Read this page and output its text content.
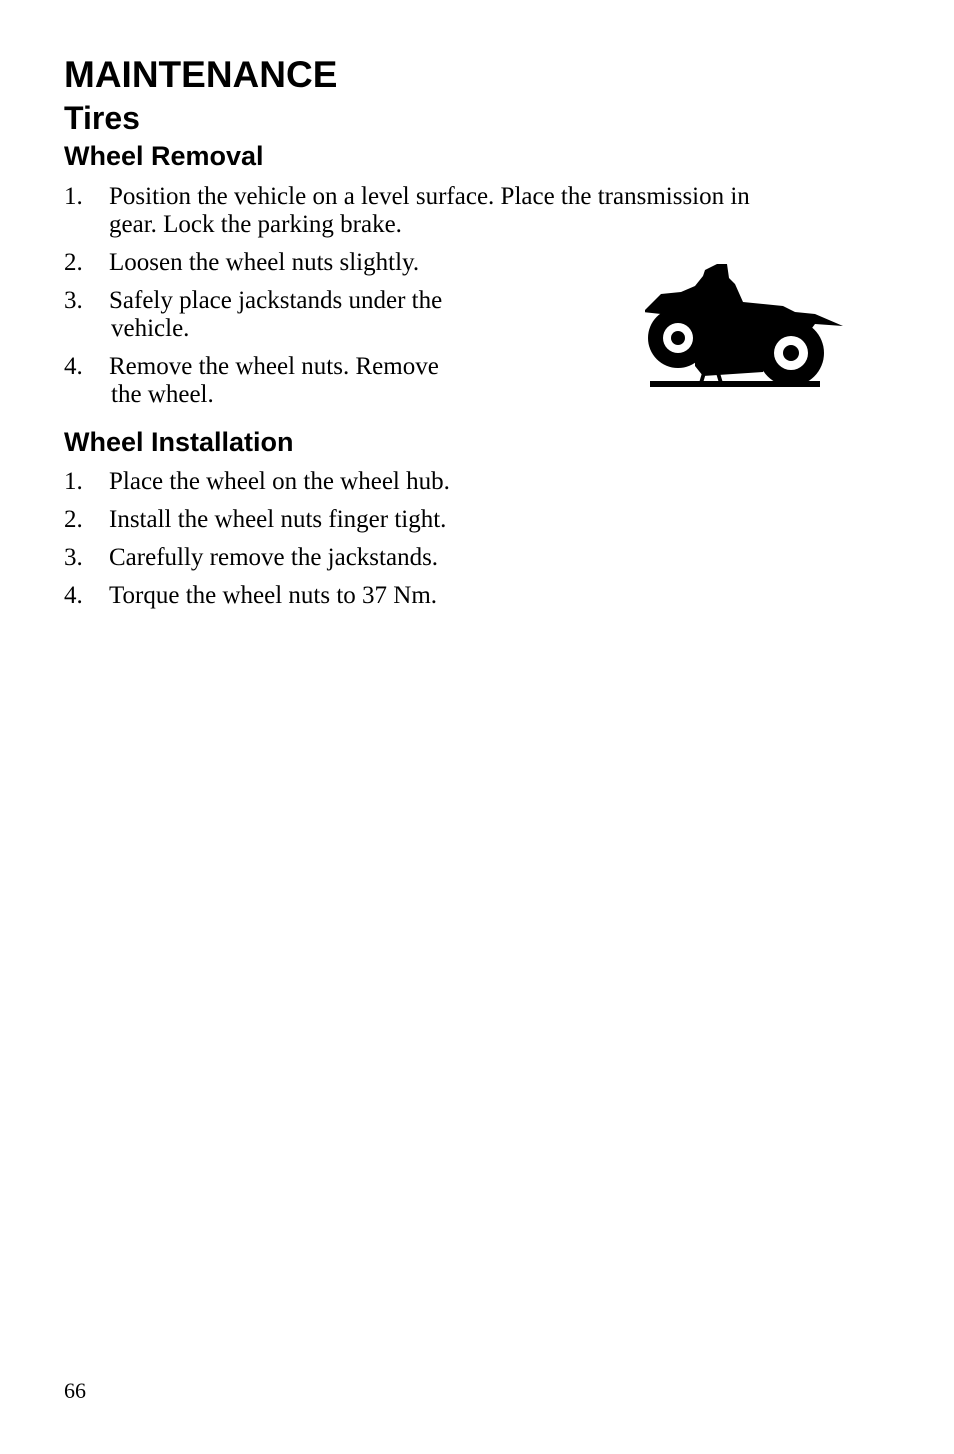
MAINTENANCE
Tires
Wheel Removal
1. Position the vehicle on a level surface. Place the transmission in
gear. Lock the parking brake.
2. Loosen the wheel nuts slightly.
3. Safely place jackstands under the
vehicle.
4. Remove the wheel nuts. Remove
the wheel.
Wheel Installation
1. Place the wheel on the wheel hub.
2. Install the wheel nuts finger tight.
3. Carefully remove the jackstands.
4. Torque the wheel nuts to 37 Nm.
66
